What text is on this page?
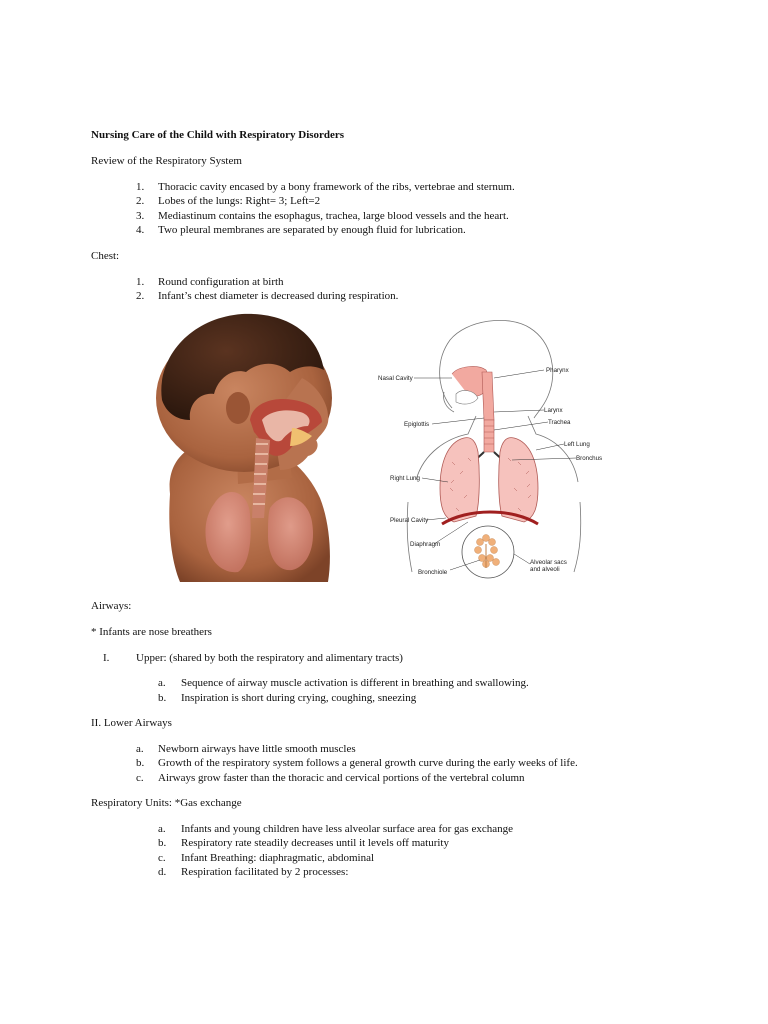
Nursing Care of the Child with Respiratory Disorders
Review of the Respiratory System
1. Thoracic cavity encased by a bony framework of the ribs, vertebrae and sternum.
2. Lobes of the lungs: Right= 3; Left=2
3. Mediastinum contains the esophagus, trachea, large blood vessels and the heart.
4. Two pleural membranes are separated by enough fluid for lubrication.
Chest:
1. Round configuration at birth
2. Infant’s chest diameter is decreased during respiration.
Nasal Cavity
Pharynx
Larynx
Epiglottis	Trachea
Left Lung
Bronchus
Right Lung
Pleural Cavity
Diaphragm
Alveolar sacs
and alveoli
Bronchiole
Airways:
* Infants are nose breathers
I. Upper: (shared by both the respiratory and alimentary tracts)
a. Sequence of airway muscle activation is different in breathing and swallowing.
b. Inspiration is short during crying, coughing, sneezing
II. Lower Airways
a. Newborn airways have little smooth muscles
b. Growth of the respiratory system follows a general growth curve during the early weeks of life.
c. Airways grow faster than the thoracic and cervical portions of the vertebral column
Respiratory Units: *Gas exchange
a. Infants and young children have less alveolar surface area for gas exchange
b. Respiratory rate steadily decreases until it levels off maturity
c. Infant Breathing: diaphragmatic, abdominal
d. Respiration facilitated by 2 processes:
